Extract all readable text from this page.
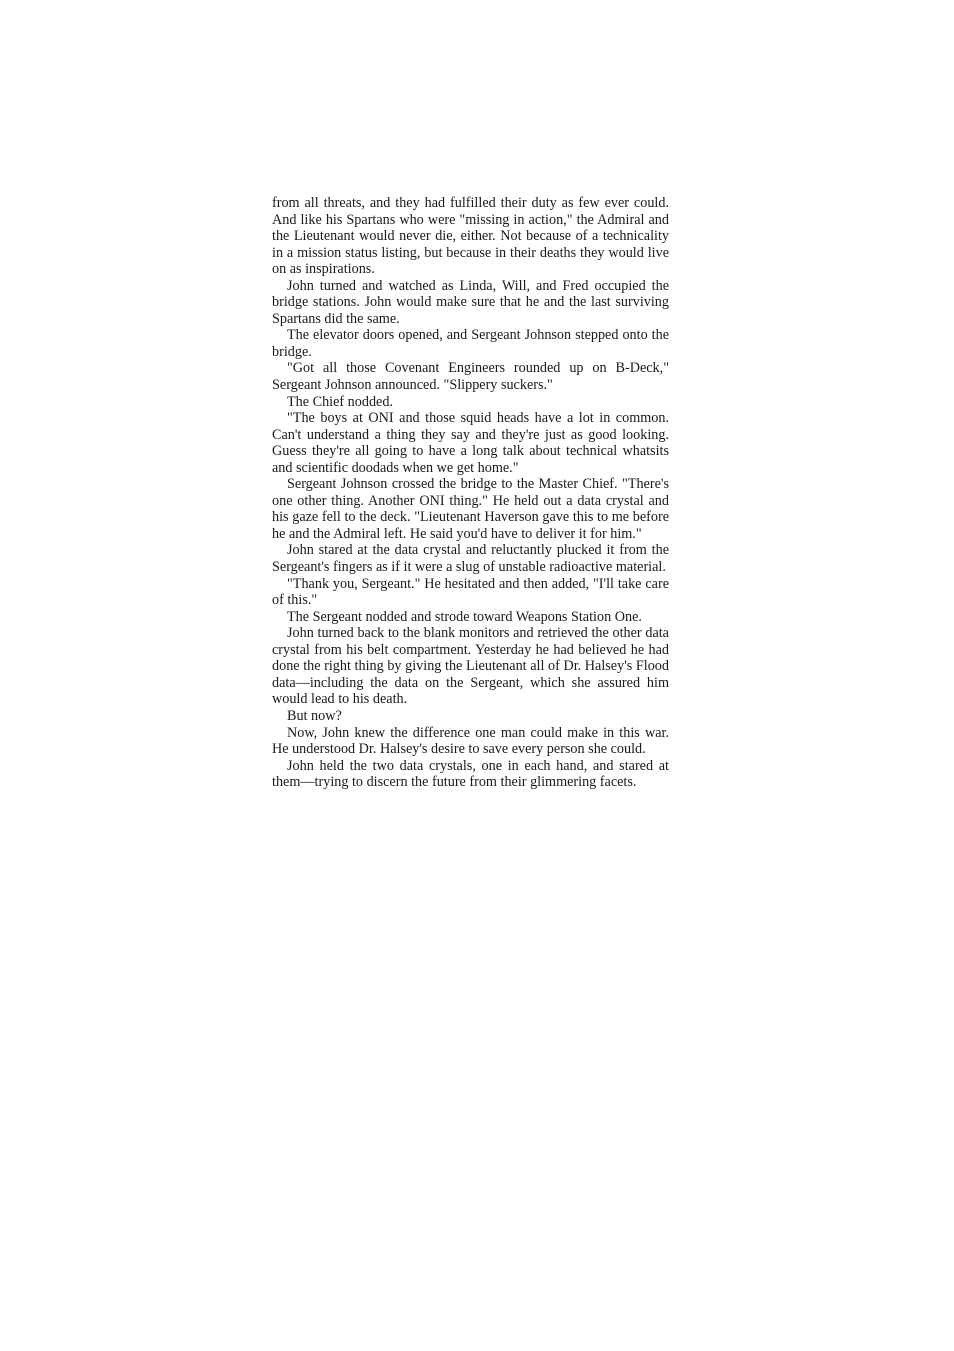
from all threats, and they had fulfilled their duty as few ever could. And like his Spartans who were "missing in action," the Admiral and the Lieutenant would never die, either. Not because of a technicality in a mission status listing, but because in their deaths they would live on as inspirations.

John turned and watched as Linda, Will, and Fred occupied the bridge stations. John would make sure that he and the last surviving Spartans did the same.

The elevator doors opened, and Sergeant Johnson stepped onto the bridge.

"Got all those Covenant Engineers rounded up on B-Deck," Sergeant Johnson announced. "Slippery suckers."

The Chief nodded.

"The boys at ONI and those squid heads have a lot in common. Can't understand a thing they say and they're just as good looking. Guess they're all going to have a long talk about technical whatsits and scientific doodads when we get home."

Sergeant Johnson crossed the bridge to the Master Chief. "There's one other thing. Another ONI thing." He held out a data crystal and his gaze fell to the deck. "Lieutenant Haverson gave this to me before he and the Admiral left. He said you'd have to deliver it for him."

John stared at the data crystal and reluctantly plucked it from the Sergeant's fingers as if it were a slug of unstable radioactive material.

"Thank you, Sergeant." He hesitated and then added, "I'll take care of this."

The Sergeant nodded and strode toward Weapons Station One.

John turned back to the blank monitors and retrieved the other data crystal from his belt compartment. Yesterday he had believed he had done the right thing by giving the Lieutenant all of Dr. Halsey's Flood data—including the data on the Sergeant, which she assured him would lead to his death.

But now?

Now, John knew the difference one man could make in this war. He understood Dr. Halsey's desire to save every person she could.

John held the two data crystals, one in each hand, and stared at them—trying to discern the future from their glimmering facets.
